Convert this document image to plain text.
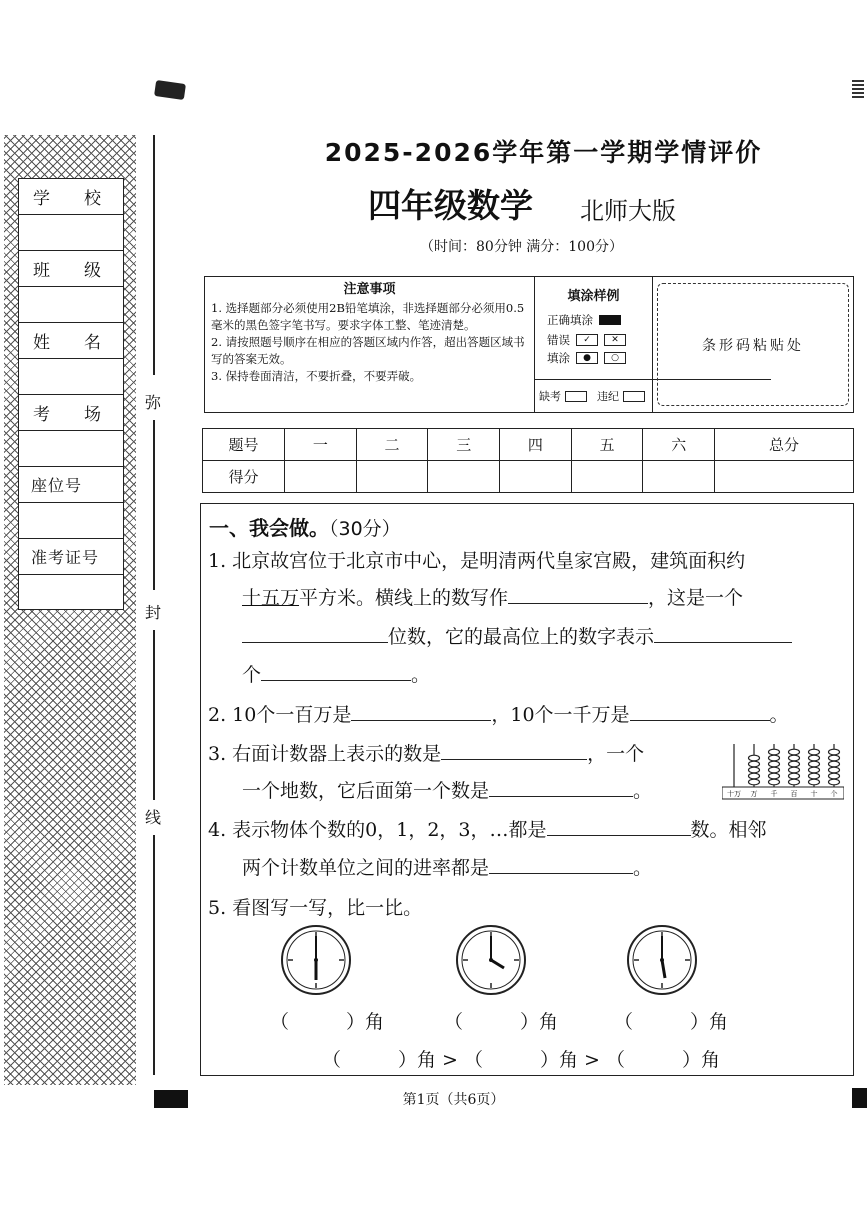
学　　校
班　　级
姓　　名
考　　场
座位号
准考证号
弥
封
线
2025-2026学年第一学期学情评价
四年级数学 北师大版
（时间：80分钟 满分：100分）
注意事项
1. 选择题部分必须使用2B铅笔填涂，非选择题部分必须用0.5毫米的黑色签字笔书写。要求字体工整、笔迹清楚。
2. 请按照题号顺序在相应的答题区域内作答，超出答题区域书写的答案无效。
3. 保持卷面清洁，不要折叠，不要弄破。
填涂样例
正确填涂
错误	✓	✕
填涂	●	○
缺考	违纪
条形码粘贴处
题号	一	二	三	四	五	六	总分
得分							
一、我会做。（30分）
1. 北京故宫位于北京市中心，是明清两代皇家宫殿，建筑面积约
十五万平方米。横线上的数写作	，这是一个
位数，它的最高位上的数字表示
个	。
2. 10个一百万是	，10个一千万是	。
3. 右面计数器上表示的数是	，一个
一个地数，它后面第一个数是	。	十万 万 千 百 十 个
4. 表示物体个数的0，1，2，3，…都是	数。相邻
两个计数单位之间的进率都是	。
5. 看图写一写，比一比。
（　　　）角	（　　　）角	（　　　）角
（　　　）角 > （　　　）角 > （　　　）角
第1页（共6页）
